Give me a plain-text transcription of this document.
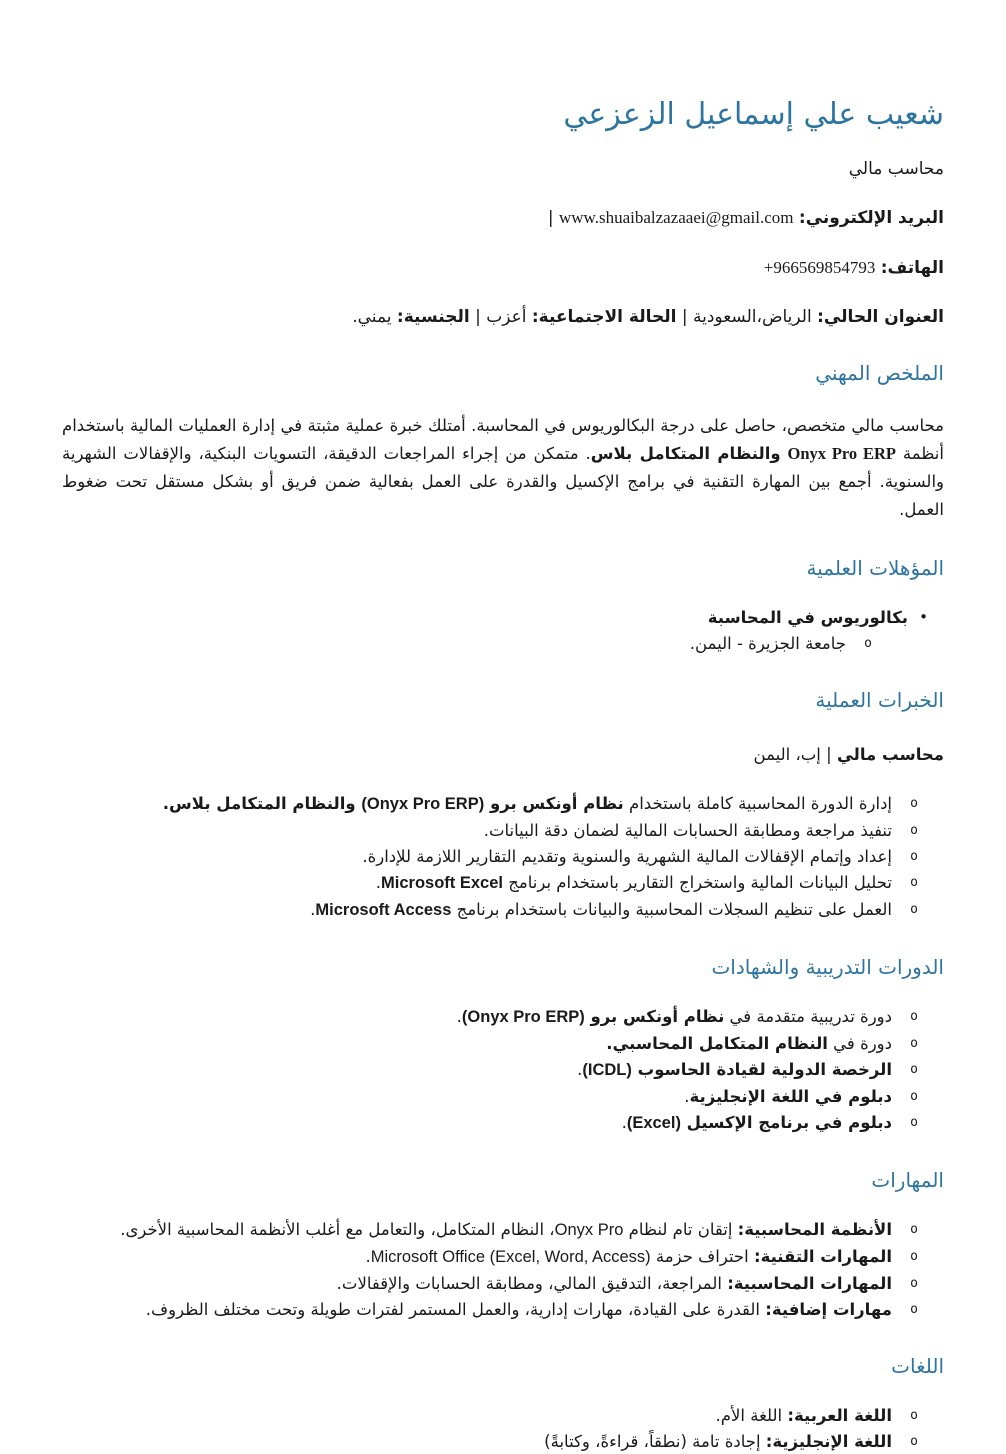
شعيب علي إسماعيل الزعزعي
محاسب مالي
البريد الإلكتروني: www.shuaibalzazaaei@gmail.com |
الهاتف: +966569854793
العنوان الحالي: الرياض،السعودية | الحالة الاجتماعية: أعزب | الجنسية: يمني.
الملخص المهني

محاسب مالي متخصص، حاصل على درجة البكالوريوس في المحاسبة. أمتلك خبرة عملية مثبتة في إدارة العمليات المالية باستخدام أنظمة Onyx Pro ERP والنظام المتكامل بلاس. متمكن من إجراء المراجعات الدقيقة، التسويات البنكية، والإقفالات الشهرية والسنوية. أجمع بين المهارة التقنية في برامج الإكسيل والقدرة على العمل بفعالية ضمن فريق أو بشكل مستقل تحت ضغوط العمل.

المؤهلات العلمية
•
بكالوريوس في المحاسبة
o
جامعة الجزيرة - اليمن.
الخبرات العملية
محاسب مالي | إب، اليمن
o
إدارة الدورة المحاسبية كاملة باستخدام نظام أونكس برو (Onyx Pro ERP) والنظام المتكامل بلاس.
o
تنفيذ مراجعة ومطابقة الحسابات المالية لضمان دقة البيانات.
o
إعداد وإتمام الإقفالات المالية الشهرية والسنوية وتقديم التقارير اللازمة للإدارة.
o
تحليل البيانات المالية واستخراج التقارير باستخدام برنامج Microsoft Excel.
o
العمل على تنظيم السجلات المحاسبية والبيانات باستخدام برنامج Microsoft Access.
الدورات التدريبية والشهادات
o
دورة تدريبية متقدمة في نظام أونكس برو (Onyx Pro ERP).
o
دورة في النظام المتكامل المحاسبي.
o
الرخصة الدولية لقيادة الحاسوب (ICDL).
o
دبلوم في اللغة الإنجليزية.
o
دبلوم في برنامج الإكسيل (Excel).
المهارات
o
الأنظمة المحاسبية: إتقان تام لنظام Onyx Pro، النظام المتكامل، والتعامل مع أغلب الأنظمة المحاسبية الأخرى.
o
المهارات التقنية: احتراف حزمة Microsoft Office (Excel, Word, Access).
o
المهارات المحاسبية: المراجعة، التدقيق المالي، ومطابقة الحسابات والإقفالات.
o
مهارات إضافية: القدرة على القيادة، مهارات إدارية، والعمل المستمر لفترات طويلة وتحت مختلف الظروف.
اللغات
o
اللغة العربية: اللغة الأم.
o
اللغة الإنجليزية: إجادة تامة (نطقاً، قراءةً، وكتابةً)
